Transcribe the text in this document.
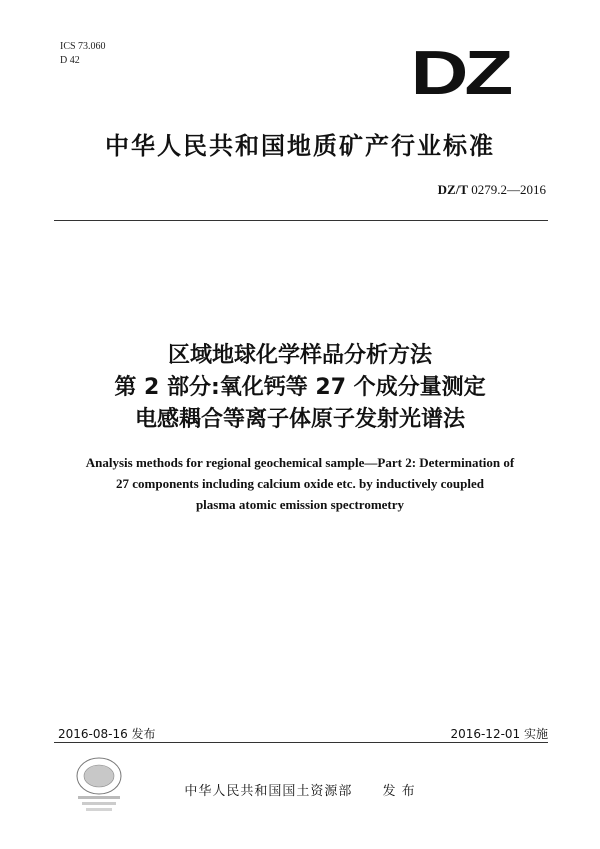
ICS 73.060
D 42	DZ
中华人民共和国地质矿产行业标准
DZ/T 0279.2—2016
区域地球化学样品分析方法
第 2 部分:氧化钙等 27 个成分量测定
电感耦合等离子体原子发射光谱法
Analysis methods for regional geochemical sample—Part 2: Determination of
27 components including calcium oxide etc. by inductively coupled
plasma atomic emission spectrometry
2016-08-16 发布	2016-12-01 实施
中华人民共和国国土资源部 发 布
